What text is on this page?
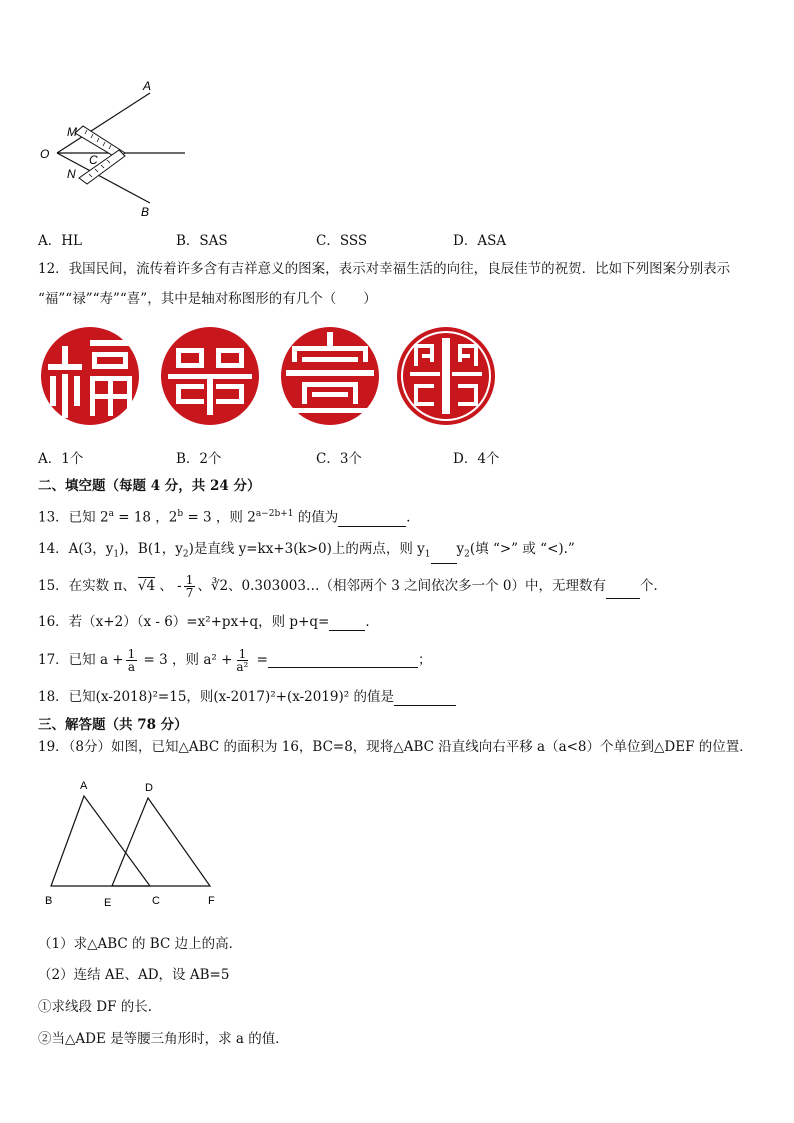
A
B
O
M
N
C
A．HL	B．SAS	C．SSS	D．ASA
12．我国民间，流传着许多含有吉祥意义的图案，表示对幸福生活的向往，良辰佳节的祝贺．比如下列图案分别表示
“福”“禄”“寿”“喜”，其中是轴对称图形的有几个（　　）
A．1个	B．2个	C．3个	D．4个
二、填空题（每题 4 分，共 24 分）
13．已知 $2^a = 18$ ，$2^b = 3$ ，则 $2^{a-2b+1}$ 的值为	．
14．A(3，$y_1$)，B(1，$y_2$)是直线 y=kx+3(k>0)上的两点，则 $y_1$ $y_2$(填 “>” 或 “<).”
15．在实数 π、 √4 、 - $\frac{1}{7}$ 、∛2、0.303003…（相邻两个 3 之间依次多一个 0）中，无理数有	个．
16．若（x+2）（x - 6）=x²+px+q，则 p+q=	．
17．已知 $a + \frac{1}{a} = 3$ ，则 $a^2 + \frac{1}{\text{a²}}$ =	；
18．已知(x-2018)²=15，则(x-2017)²+(x-2019)² 的值是
三、解答题（共 78 分）
19．（8分）如图，已知△ABC 的面积为 16，BC=8，现将△ABC 沿直线向右平移 a（a<8）个单位到△DEF 的位置．
A	D
B	E	C	F
（1）求△ABC 的 BC 边上的高．
（2）连结 AE、AD，设 AB=5
①求线段 DF 的长．
②当△ADE 是等腰三角形时，求 a 的值．
